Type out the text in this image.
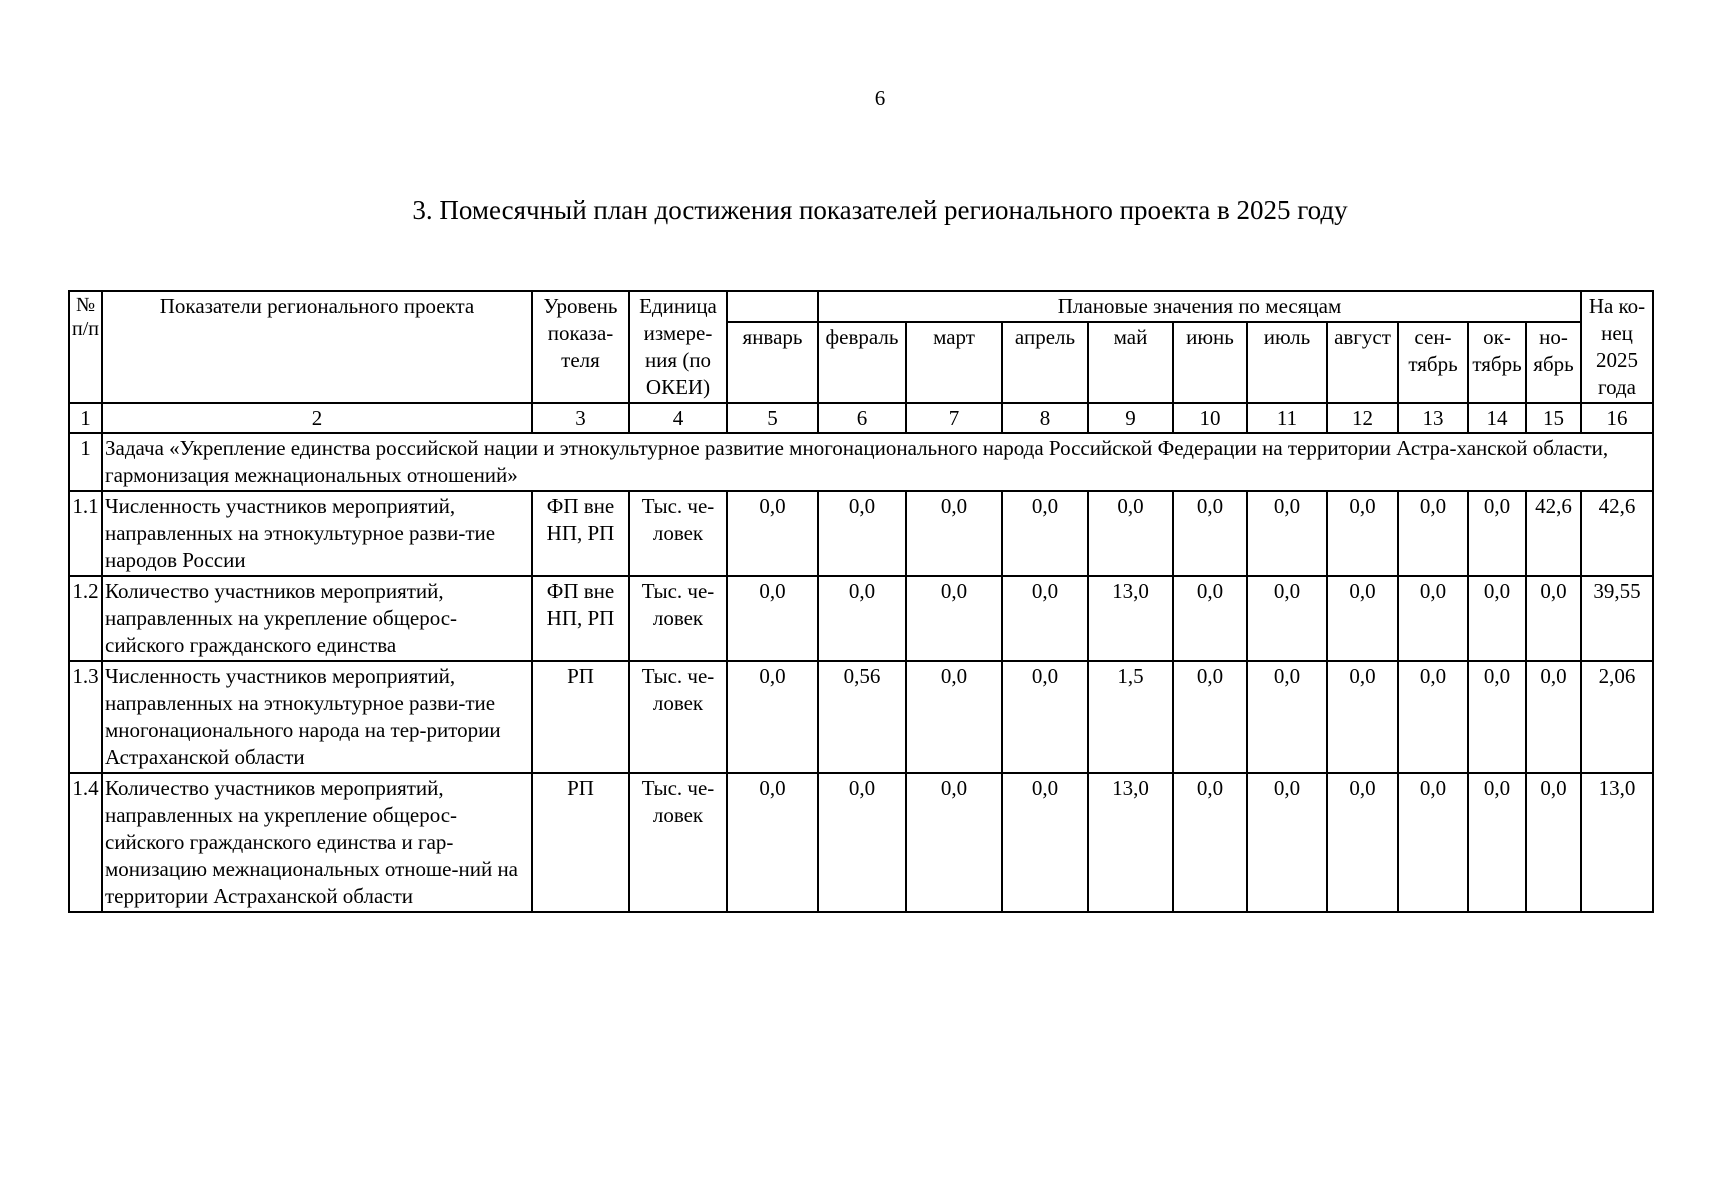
6
3. Помесячный план достижения показателей регионального проекта в 2025 году
№ п/п	Показатели регионального проекта	Уровень показа-теля	Единица измере-ния (по ОКЕИ)		Плановые значения по месяцам										На ко-нец 2025 года
				январь	февраль	март	апрель	май	июнь	июль	август	сен-тябрь	ок-тябрь	но-ябрь	
1	2	3	4	5	6	7	8	9	10	11	12	13	14	15	16
1	Задача «Укрепление единства российской нации и этнокультурное развитие многонационального народа Российской Федерации на территории Астра-ханской области, гармонизация межнациональных отношений»														
1.1	Численность участников мероприятий, направленных на этнокультурное разви-тие народов России	ФП вне НП, РП	Тыс. че-ловек	0,0	0,0	0,0	0,0	0,0	0,0	0,0	0,0	0,0	0,0	42,6	42,6
1.2	Количество участников мероприятий, направленных на укрепление общерос-сийского гражданского единства	ФП вне НП, РП	Тыс. че-ловек	0,0	0,0	0,0	0,0	13,0	0,0	0,0	0,0	0,0	0,0	0,0	39,55
1.3	Численность участников мероприятий, направленных на этнокультурное разви-тие многонационального народа на тер-ритории Астраханской области	РП	Тыс. че-ловек	0,0	0,56	0,0	0,0	1,5	0,0	0,0	0,0	0,0	0,0	0,0	2,06
1.4	Количество участников мероприятий, направленных на укрепление общерос-сийского гражданского единства и гар-монизацию межнациональных отноше-ний на территории Астраханской области	РП	Тыс. че-ловек	0,0	0,0	0,0	0,0	13,0	0,0	0,0	0,0	0,0	0,0	0,0	13,0
